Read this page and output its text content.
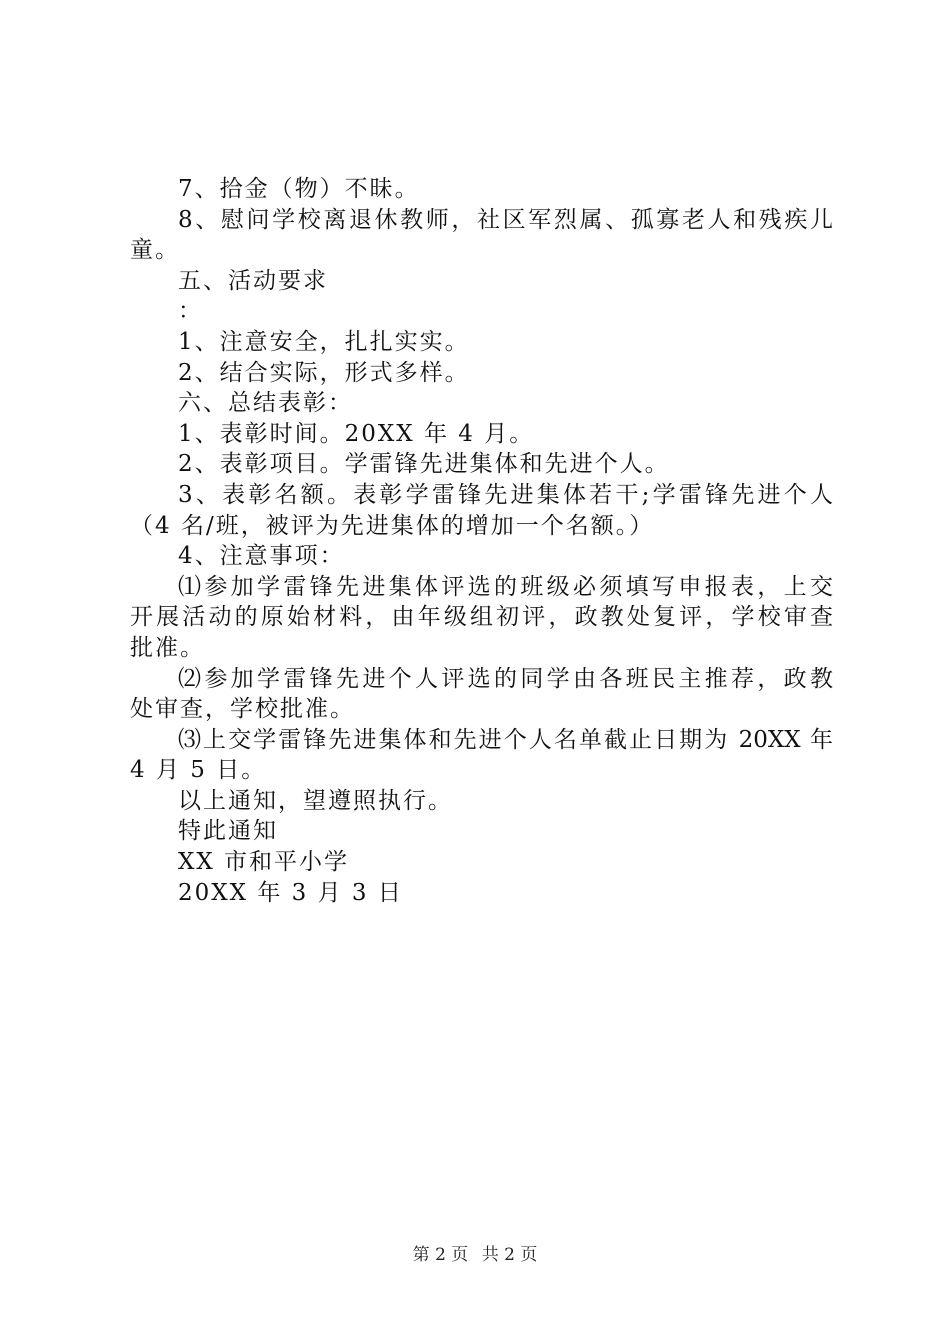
7、拾金（物）不昧。
8、慰问学校离退休教师，社区军烈属、孤寡老人和残疾儿
童。
五、活动要求
：
1、注意安全，扎扎实实。
2、结合实际，形式多样。
六、总结表彰：
1、表彰时间。20XX 年 4 月。
2、表彰项目。学雷锋先进集体和先进个人。
3、表彰名额。表彰学雷锋先进集体若干;学雷锋先进个人
（4 名/班，被评为先进集体的增加一个名额。）
4、注意事项：
⑴参加学雷锋先进集体评选的班级必须填写申报表，上交
开展活动的原始材料，由年级组初评，政教处复评，学校审查
批准。
⑵参加学雷锋先进个人评选的同学由各班民主推荐，政教
处审查，学校批准。
⑶上交学雷锋先进集体和先进个人名单截止日期为 20XX 年
4 月 5 日。
以上通知，望遵照执行。
特此通知
XX 市和平小学
20XX 年 3 月 3 日
第 2 页 共 2 页
